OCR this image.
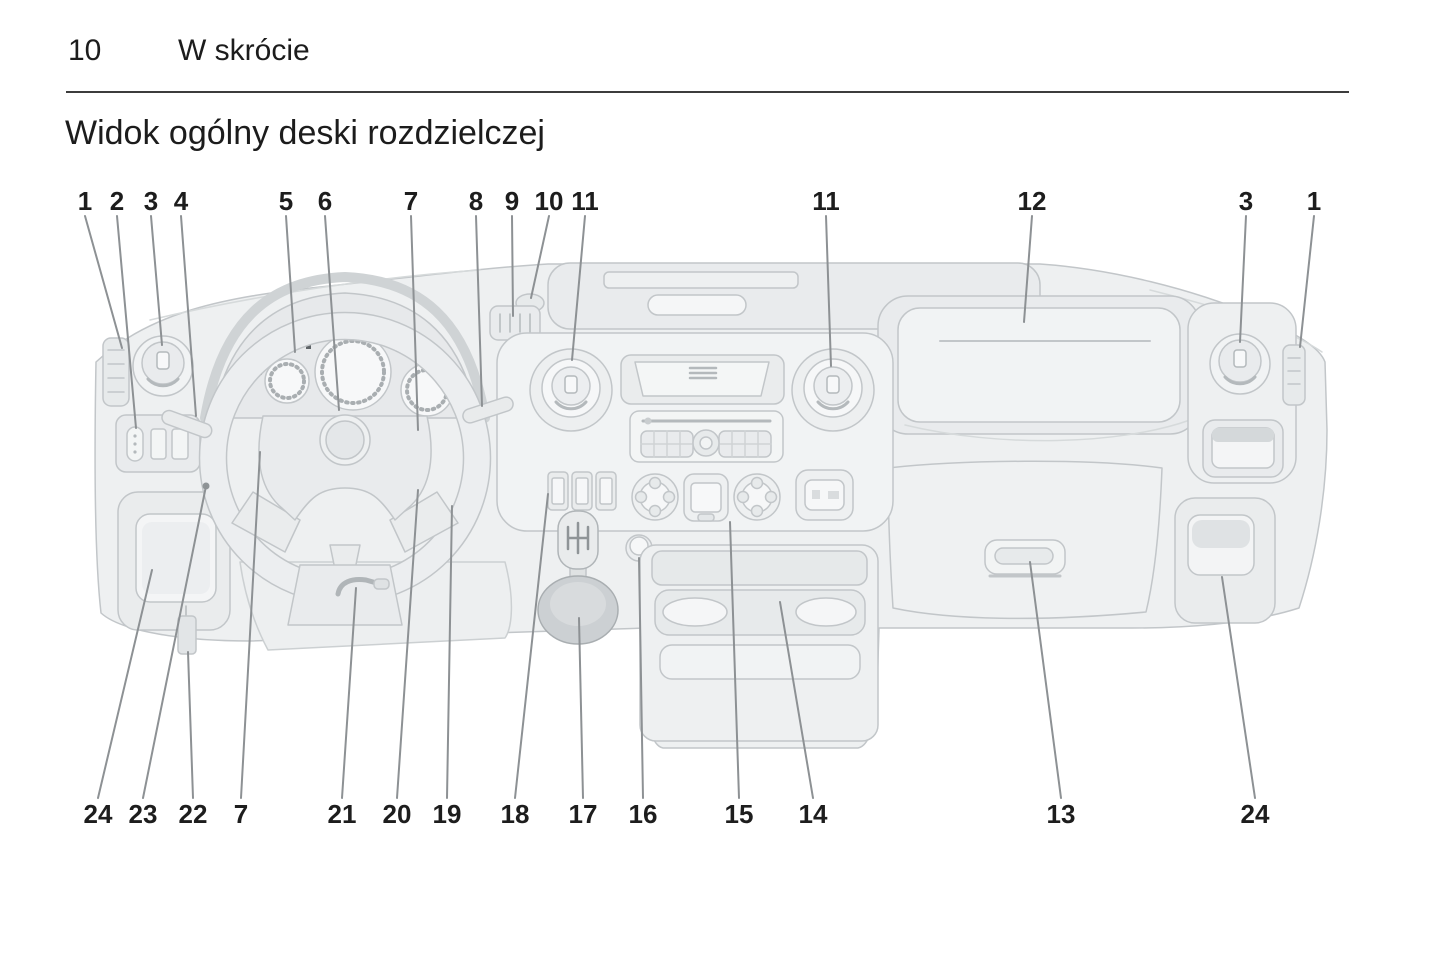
10	W skrócie
Widok ogólny deski rozdzielczej
1 2 3 4	5 6	7 8 9 10 11	11	12	3 1
24 23 22 7	21 20 19 18 17 16	15 14	13	24
